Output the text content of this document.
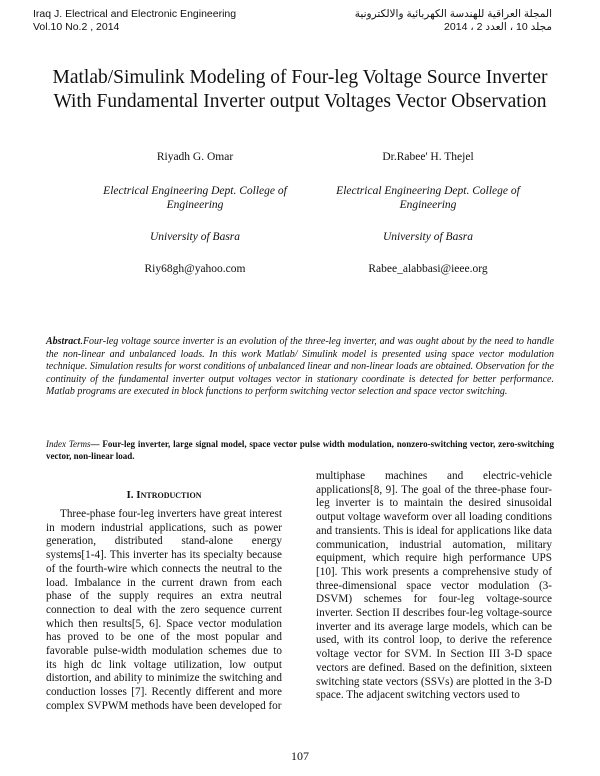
Iraq J. Electrical and Electronic Engineering
Vol.10 No.2 , 2014
المجلة العراقية للهندسة الكهربائية والالكترونية
مجلد 10 ، العدد 2 ، 2014
Matlab/Simulink Modeling of Four-leg Voltage Source Inverter With Fundamental Inverter output Voltages Vector Observation
Riyadh G. Omar
Electrical Engineering Dept. College of Engineering
University of Basra
Riy68gh@yahoo.com
Dr.Rabee' H. Thejel
Electrical Engineering Dept. College of Engineering
University of Basra
Rabee_alabbasi@ieee.org
Abstract.Four-leg voltage source inverter is an evolution of the three-leg inverter, and was ought about by the need to handle the non-linear and unbalanced loads. In this work Matlab/ Simulink model is presented using space vector modulation technique. Simulation results for worst conditions of unbalanced linear and non-linear loads are obtained. Observation for the continuity of the fundamental inverter output voltages vector in stationary coordinate is detected for better performance. Matlab programs are executed in block functions to perform switching vector selection and space vector switching.
Index Terms— Four-leg inverter, large signal model, space vector pulse width modulation, nonzero-switching vector, zero-switching vector, non-linear load.
I. Introduction
Three-phase four-leg inverters have great interest in modern industrial applications, such as power generation, distributed stand-alone energy systems[1-4]. This inverter has its specialty because of the fourth-wire which connects the neutral to the load. Imbalance in the current drawn from each phase of the supply requires an extra neutral connection to deal with the zero sequence current which then results[5, 6]. Space vector modulation has proved to be one of the most popular and favorable pulse-width modulation schemes due to its high dc link voltage utilization, low output distortion, and ability to minimize the switching and conduction losses [7]. Recently different and more complex SVPWM methods have been developed for
multiphase machines and electric-vehicle applications[8, 9]. The goal of the three-phase four-leg inverter is to maintain the desired sinusoidal output voltage waveform over all loading conditions and transients. This is ideal for applications like data communication, industrial automation, military equipment, which require high performance UPS [10]. This work presents a comprehensive study of three-dimensional space vector modulation (3-DSVM) schemes for four-leg voltage-source inverter. Section II describes four-leg voltage-source inverter and its average large models, which can be used, with its control loop, to derive the reference voltage vector for SVM. In Section III 3-D space vectors are defined. Based on the definition, sixteen switching state vectors (SSVs) are plotted in the 3-D space. The adjacent switching vectors used to
107
